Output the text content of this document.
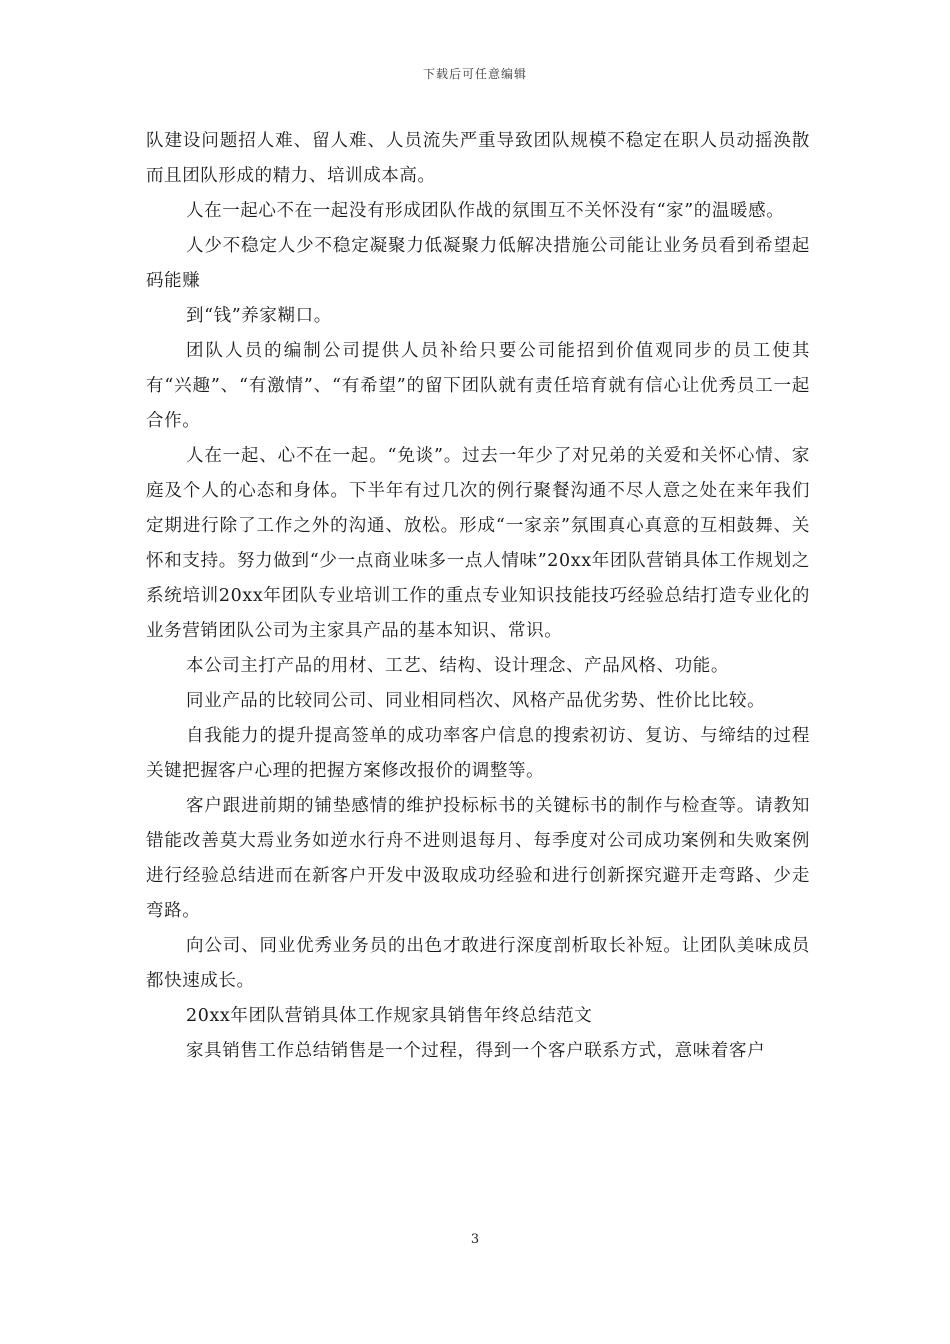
下载后可任意编辑

队建设问题招人难、留人难、人员流失严重导致团队规模不稳定在职人员动摇涣散而且团队形成的精力、培训成本高。

人在一起心不在一起没有形成团队作战的氛围互不关怀没有“家”的温暖感。

人少不稳定人少不稳定凝聚力低凝聚力低解决措施公司能让业务员看到希望起码能赚

到“钱”养家糊口。

团队人员的编制公司提供人员补给只要公司能招到价值观同步的员工使其有“兴趣”、“有激情”、“有希望”的留下团队就有责任培育就有信心让优秀员工一起合作。

人在一起、心不在一起。“免谈”。过去一年少了对兄弟的关爱和关怀心情、家庭及个人的心态和身体。下半年有过几次的例行聚餐沟通不尽人意之处在来年我们定期进行除了工作之外的沟通、放松。形成“一家亲”氛围真心真意的互相鼓舞、关怀和支持。努力做到“少一点商业味多一点人情味”20xx年团队营销具体工作规划之系统培训20xx年团队专业培训工作的重点专业知识技能技巧经验总结打造专业化的业务营销团队公司为主家具产品的基本知识、常识。

本公司主打产品的用材、工艺、结构、设计理念、产品风格、功能。

同业产品的比较同公司、同业相同档次、风格产品优劣势、性价比比较。

自我能力的提升提高签单的成功率客户信息的搜索初访、复访、与缔结的过程关键把握客户心理的把握方案修改报价的调整等。

客户跟进前期的铺垫感情的维护投标标书的关键标书的制作与检查等。请教知错能改善莫大焉业务如逆水行舟不进则退每月、每季度对公司成功案例和失败案例进行经验总结进而在新客户开发中汲取成功经验和进行创新探究避开走弯路、少走弯路。

向公司、同业优秀业务员的出色才敢进行深度剖析取长补短。让团队美味成员都快速成长。

20xx年团队营销具体工作规家具销售年终总结范文

家具销售工作总结销售是一个过程，得到一个客户联系方式，意味着客户

3
